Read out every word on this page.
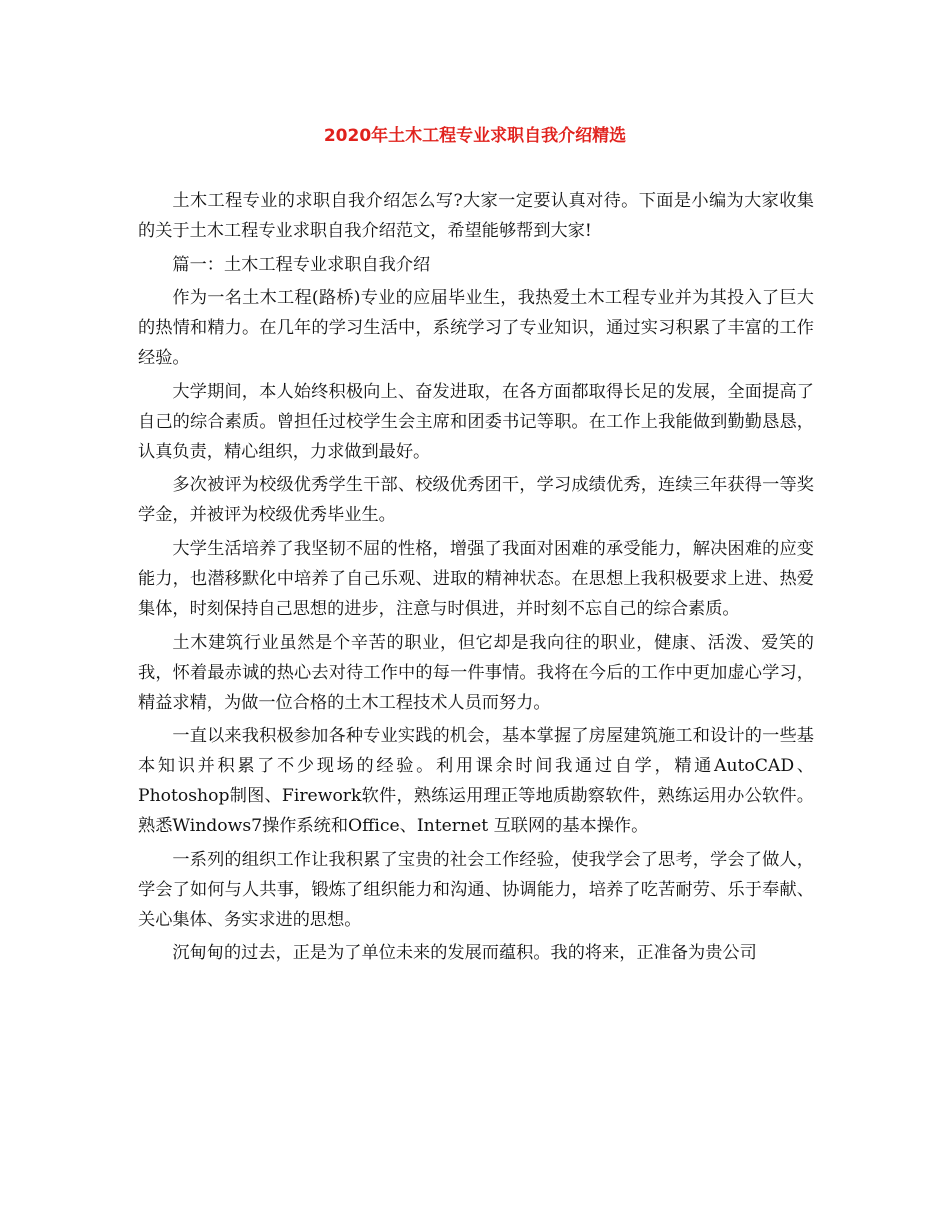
2020年土木工程专业求职自我介绍精选

土木工程专业的求职自我介绍怎么写?大家一定要认真对待。下面是小编为大家收集的关于土木工程专业求职自我介绍范文，希望能够帮到大家!

篇一：土木工程专业求职自我介绍

作为一名土木工程(路桥)专业的应届毕业生，我热爱土木工程专业并为其投入了巨大的热情和精力。在几年的学习生活中，系统学习了专业知识，通过实习积累了丰富的工作经验。

大学期间，本人始终积极向上、奋发进取，在各方面都取得长足的发展，全面提高了自己的综合素质。曾担任过校学生会主席和团委书记等职。在工作上我能做到勤勤恳恳，认真负责，精心组织，力求做到最好。

多次被评为校级优秀学生干部、校级优秀团干，学习成绩优秀，连续三年获得一等奖学金，并被评为校级优秀毕业生。

大学生活培养了我坚韧不屈的性格，增强了我面对困难的承受能力，解决困难的应变能力，也潜移默化中培养了自己乐观、进取的精神状态。在思想上我积极要求上进、热爱集体，时刻保持自己思想的进步，注意与时俱进，并时刻不忘自己的综合素质。

土木建筑行业虽然是个辛苦的职业，但它却是我向往的职业，健康、活泼、爱笑的我，怀着最赤诚的热心去对待工作中的每一件事情。我将在今后的工作中更加虚心学习，精益求精，为做一位合格的土木工程技术人员而努力。

一直以来我积极参加各种专业实践的机会，基本掌握了房屋建筑施工和设计的一些基本知识并积累了不少现场的经验。利用课余时间我通过自学，精通AutoCAD、Photoshop制图、Firework软件，熟练运用理正等地质勘察软件，熟练运用办公软件。熟悉Windows7操作系统和Office、Internet 互联网的基本操作。

一系列的组织工作让我积累了宝贵的社会工作经验，使我学会了思考，学会了做人，学会了如何与人共事，锻炼了组织能力和沟通、协调能力，培养了吃苦耐劳、乐于奉献、关心集体、务实求进的思想。

沉甸甸的过去，正是为了单位未来的发展而蕴积。我的将来，正准备为贵公司
